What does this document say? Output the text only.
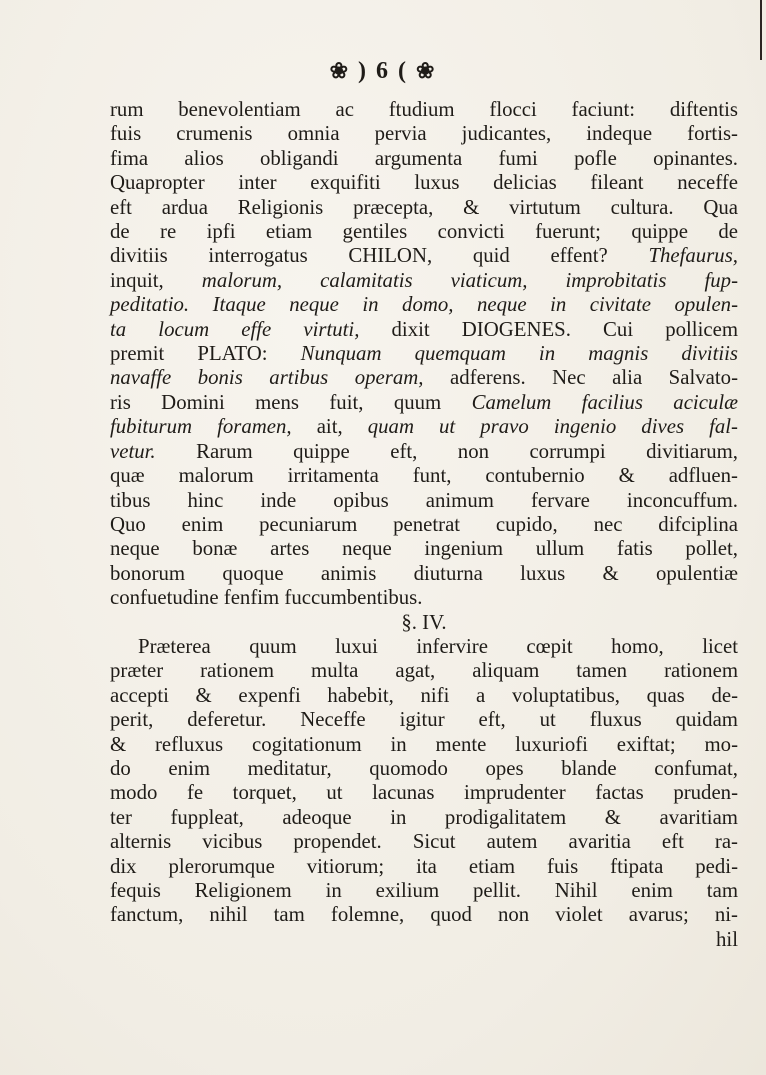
❀ ) 6 ( ❀
rum benevolentiam ac ftudium flocci faciunt: diftentis
fuis crumenis omnia pervia judicantes, indeque fortis-
fima alios obligandi argumenta fumi pofle opinantes.
Quapropter inter exquifiti luxus delicias fileant neceffe
eft ardua Religionis præcepta, & virtutum cultura. Qua
de re ipfi etiam gentiles convicti fuerunt; quippe de
divitiis interrogatus CHILON, quid effent? Thefaurus,
inquit, malorum, calamitatis viaticum, improbitatis fup-
peditatio. Itaque neque in domo, neque in civitate opulen-
ta locum effe virtuti, dixit DIOGENES. Cui pollicem
premit PLATO: Nunquam quemquam in magnis divitiis
navaffe bonis artibus operam, adferens. Nec alia Salvato-
ris Domini mens fuit, quum Camelum facilius aciculæ
fubiturum foramen, ait, quam ut pravo ingenio dives fal-
vetur. Rarum quippe eft, non corrumpi divitiarum,
quæ malorum irritamenta funt, contubernio & adfluen-
tibus hinc inde opibus animum fervare inconcuffum.
Quo enim pecuniarum penetrat cupido, nec difciplina
neque bonæ artes neque ingenium ullum fatis pollet,
bonorum quoque animis diuturna luxus & opulentiæ
confuetudine fenfim fuccumbentibus.
§. IV.
Præterea quum luxui infervire cœpit homo, licet
præter rationem multa agat, aliquam tamen rationem
accepti & expenfi habebit, nifi a voluptatibus, quas de-
perit, deferetur. Neceffe igitur eft, ut fluxus quidam
& refluxus cogitationum in mente luxuriofi exiftat; mo-
do enim meditatur, quomodo opes blande confumat,
modo fe torquet, ut lacunas imprudenter factas pruden-
ter fuppleat, adeoque in prodigalitatem & avaritiam
alternis vicibus propendet. Sicut autem avaritia eft ra-
dix plerorumque vitiorum; ita etiam fuis ftipata pedi-
fequis Religionem in exilium pellit. Nihil enim tam
fanctum, nihil tam folemne, quod non violet avarus; ni-
hil
